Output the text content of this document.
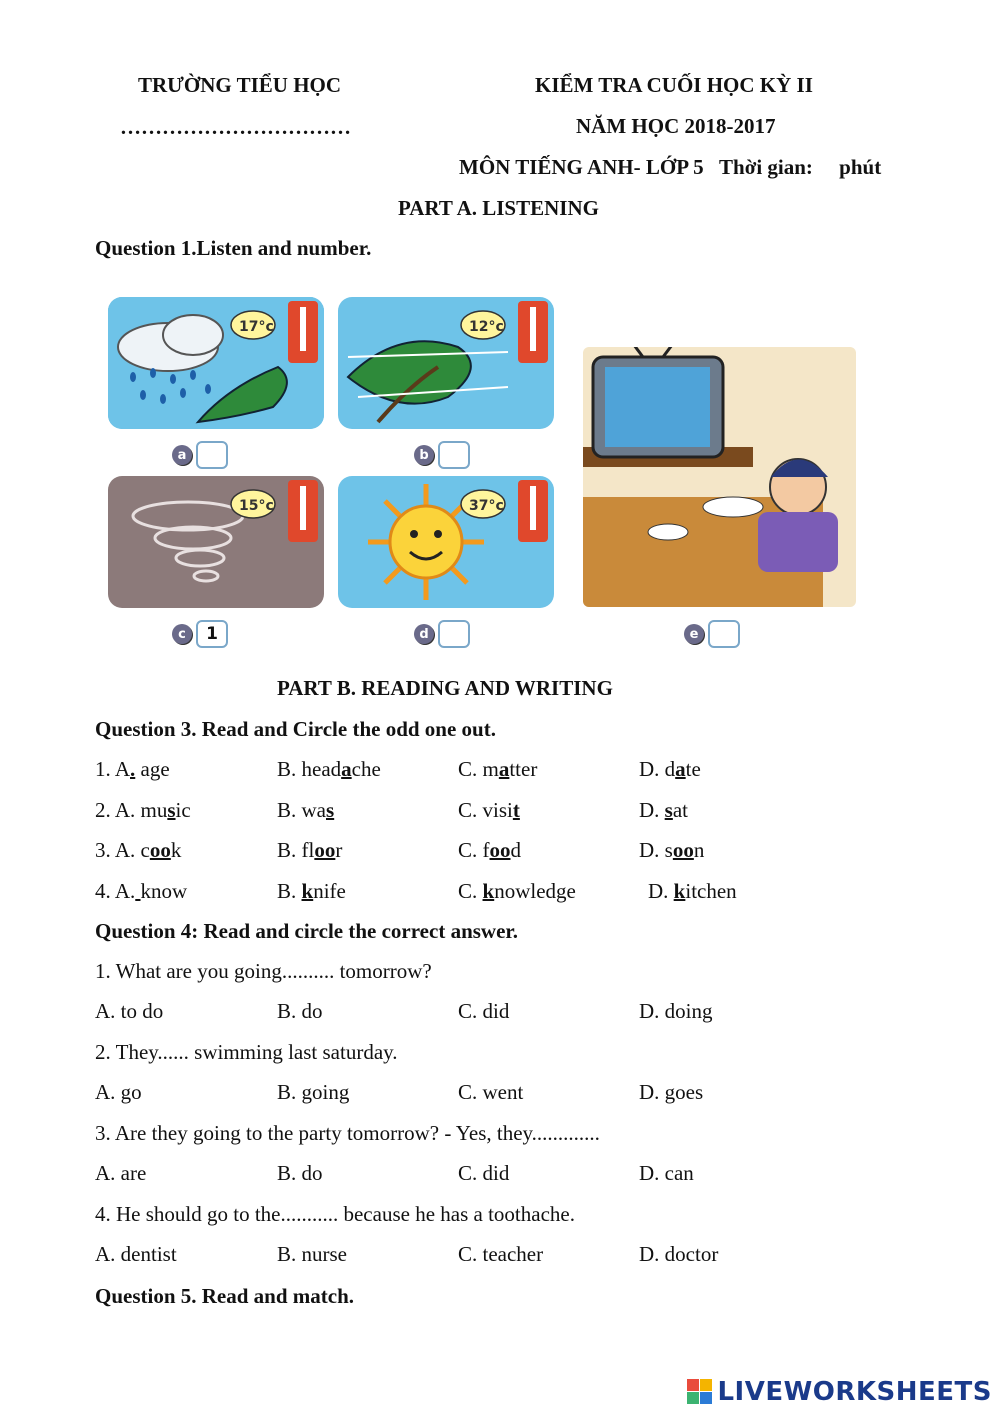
TRƯỜNG TIỂU HỌC
……………………………
KIỂM TRA CUỐI HỌC KỲ II
NĂM HỌC 2018-2017
MÔN TIẾNG ANH- LỚP 5   Thời gian:     phút
PART A. LISTENING
Question 1.Listen and number.
17°c
a
12°c
b
15°c
c	1
37°c
d	e
PART B. READING AND WRITING
Question 3. Read and Circle the odd one out.
1. A. age	B. headache	C. matter	D. date
2. A. music	B. was	C. visit	D. sat
3. A. cook	B. floor	C. food	D. soon
4. A. know	B. knife	C. knowledge	D. kitchen
Question 4: Read and circle the correct answer.
1. What are you going.......... tomorrow?
A. to do	B. do	C. did	D. doing
2. They...... swimming last saturday.
A. go	B. going	C. went	D. goes
3. Are they going to the party tomorrow? - Yes, they.............
A. are	B. do	C. did	D. can
4. He should go to the........... because he has a toothache.
A. dentist	B. nurse	C. teacher	D. doctor
Question 5. Read and match.
LIVEWORKSHEETS
